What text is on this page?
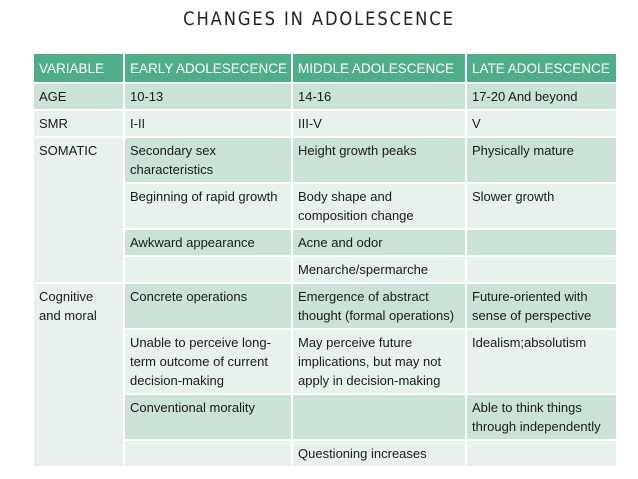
CHANGES IN ADOLESCENCE
VARIABLE	EARLY ADOLESECENCE	MIDDLE ADOLESCENCE	LATE ADOLESCENCE
AGE	10-13	14-16	17-20 And beyond
SMR	I-II	III-V	V
SOMATIC	Secondary sex characteristics	Height growth peaks	Physically mature
	Beginning of rapid growth	Body shape and composition change	Slower growth
	Awkward appearance	Acne and odor	
		Menarche/spermarche	
Cognitive and moral	Concrete operations	Emergence of abstract thought (formal operations)	Future-oriented with sense of perspective
	Unable to perceive long-term outcome of current decision-making	May perceive future implications, but may not apply in decision-making	Idealism;absolutism
	Conventional morality		Able to think things through independently
		Questioning increases	
